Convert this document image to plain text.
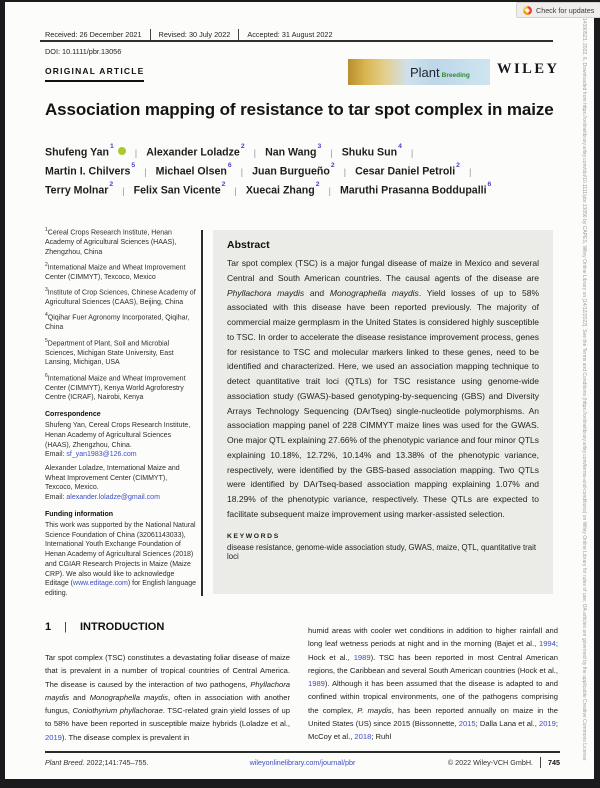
Check for updates
14390523, 2022, 6, Downloaded from https://onlinelibrary.wiley.com/doi/10.1111/pbr.13056 by CAPES, Wiley Online Library on [14/12/2022]. See the Terms and Conditions (https://onlinelibrary.wiley.com/terms-and-conditions) on Wiley Online Library for rules of use; OA articles are governed by the applicable Creative Commons License
Received: 26 December 2021 Revised: 30 July 2022 Accepted: 31 August 2022
DOI: 10.1111/pbr.13056
ORIGINAL ARTICLE	Plant Breeding WILEY
Association mapping of resistance to tar spot complex in maize
Shufeng Yan$^1$
| Alexander Loladze$^2$
| Nan Wang$^3$
| Shuku Sun$^4$
|
Martin I. Chilvers$^5$
| Michael Olsen$^6$
| Juan Burgueño$^2$
| Cesar Daniel Petroli$^2$
|
Terry Molnar$^2$
| Felix San Vicente$^2$
| Xuecai Zhang$^2$
| Maruthi Prasanna Boddupalli$^6$

$^1$Cereal Crops Research Institute, Henan Academy of Agricultural Sciences (HAAS), Zhengzhou, China

$^2$International Maize and Wheat Improvement Center (CIMMYT), Texcoco, Mexico

$^3$Institute of Crop Sciences, Chinese Academy of Agricultural Sciences (CAAS), Beijing, China

$^4$Qiqihar Fuer Agronomy Incorporated, Qiqihar, China

$^5$Department of Plant, Soil and Microbial Sciences, Michigan State University, East Lansing, Michigan, USA

$^6$International Maize and Wheat Improvement Center (CIMMYT), Kenya World Agroforestry Centre (ICRAF), Nairobi, Kenya

Correspondence

Shufeng Yan, Cereal Crops Research Institute, Henan Academy of Agricultural Sciences (HAAS), Zhengzhou, China.
Email: sf_yan1983@126.com
Alexander Loladze, International Maize and Wheat Improvement Center (CIMMYT), Texcoco, Mexico.
Email: alexander.loladze@gmail.com

Funding information

This work was supported by the National Natural Science Foundation of China (32061143033), International Youth Exchange Foundation of Henan Academy of Agricultural Sciences (2018) and CGIAR Research Projects in Maize (Maize CRP). We also would like to acknowledge Editage (www.editage.com) for English language editing.
Abstract
Tar spot complex (TSC) is a major fungal disease of maize in Mexico and several Central and South American countries. The causal agents of the disease are Phyllachora maydis and Monographella maydis. Yield losses of up to 58% associated with this disease have been reported previously. The majority of commercial maize germplasm in the United States is considered highly susceptible to TSC. In order to accelerate the disease resistance improvement process, genes for resistance to TSC and molecular markers linked to these genes, need to be identified and characterized. Here, we used an association mapping technique to detect quantitative trait loci (QTLs) for TSC resistance using genome-wide association study (GWAS)-based genotyping-by-sequencing (GBS) and Diversity Arrays Technology Sequencing (DArTseq) single-nucleotide polymorphisms. An association mapping panel of 228 CIMMYT maize lines was used for the GWAS. One major QTL explaining 27.66% of the phenotypic variance and four minor QTLs explaining 10.18%, 12.72%, 10.14% and 13.38% of the phenotypic variance, respectively, were identified by the GBS-based association mapping. Two QTLs were identified by DArTseq-based association mapping explaining 1.07% and 18.29% of the phenotypic variance, respectively. These QTLs are expected to facilitate subsequent maize improvement using marker-assisted selection.
KEYWORDS
disease resistance, genome-wide association study, GWAS, maize, QTL, quantitative trait loci
1 | INTRODUCTION
Tar spot complex (TSC) constitutes a devastating foliar disease of maize that is prevalent in a number of tropical countries of Central America. The disease is caused by the interaction of two pathogens, Phyllachora maydis and Monographella maydis, often in association with another fungus, Coniothyrium phyllachorae. TSC-related grain yield losses of up to 58% have been reported in susceptible maize hybrids (Loladze et al., 2019). The disease complex is prevalent in
humid areas with cooler wet conditions in addition to higher rainfall and long leaf wetness periods at night and in the morning (Bajet et al., 1994; Hock et al., 1989). TSC has been reported in most Central American regions, the Caribbean and several South American countries (Hock et al., 1989). Although it has been assumed that the disease is adapted to and confined within tropical environments, one of the pathogens comprising the complex, P. maydis, has been reported annually on maize in the United States (US) since 2015 (Bissonnette, 2015; Dalla Lana et al., 2019; McCoy et al., 2018; Ruhl
Plant Breed. 2022;141:745–755.	wileyonlinelibrary.com/journal/pbr	© 2022 Wiley-VCH GmbH. 745
